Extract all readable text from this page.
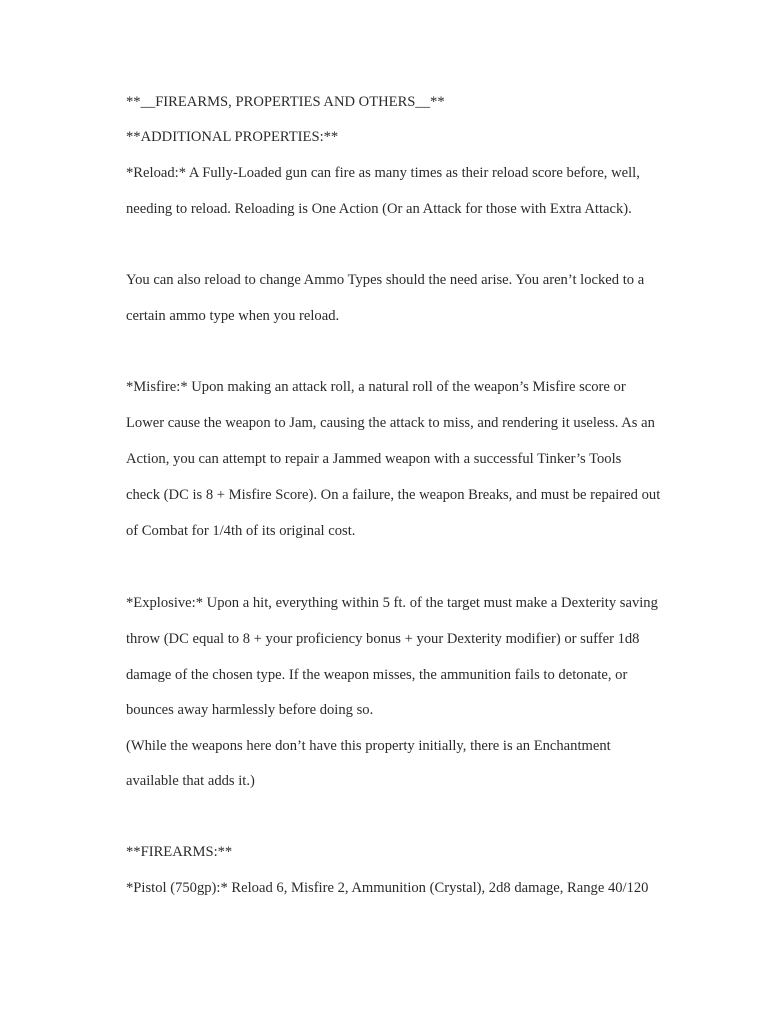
**__FIREARMS, PROPERTIES AND OTHERS__**

**ADDITIONAL PROPERTIES:**

*Reload:* A Fully-Loaded gun can fire as many times as their reload score before, well,

needing to reload. Reloading is One Action (Or an Attack for those with Extra Attack).

You can also reload to change Ammo Types should the need arise. You aren’t locked to a

certain ammo type when you reload.

*Misfire:* Upon making an attack roll, a natural roll of the weapon’s Misfire score or

Lower cause the weapon to Jam, causing the attack to miss, and rendering it useless. As an

Action, you can attempt to repair a Jammed weapon with a successful Tinker’s Tools

check (DC is 8 + Misfire Score). On a failure, the weapon Breaks, and must be repaired out

of Combat for 1/4th of its original cost.

*Explosive:* Upon a hit, everything within 5 ft. of the target must make a Dexterity saving

throw (DC equal to 8 + your proficiency bonus + your Dexterity modifier) or suffer 1d8

damage of the chosen type. If the weapon misses, the ammunition fails to detonate, or

bounces away harmlessly before doing so.

(While the weapons here don’t have this property initially, there is an Enchantment

available that adds it.)

**FIREARMS:**

*Pistol (750gp):* Reload 6, Misfire 2, Ammunition (Crystal), 2d8 damage, Range 40/120
